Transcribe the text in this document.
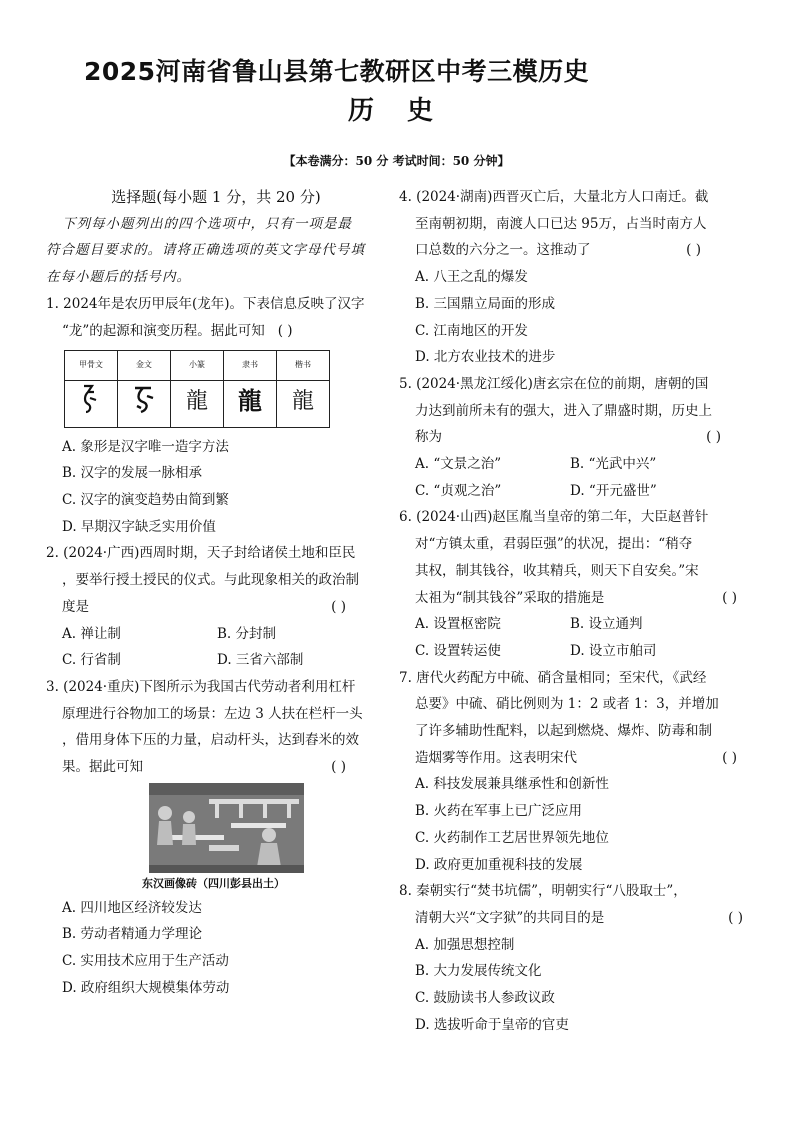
2025河南省鲁山县第七教研区中考三模历史
历 史
【本卷满分：50 分 考试时间：50 分钟】
选择题(每小题 1 分，共 20 分)
下列每小题列出的四个选项中，只有一项是最
符合题目要求的。请将正确选项的英文字母代号填
在每小题后的括号内。
1. 2024年是农历甲辰年(龙年)。下表信息反映了汉字
“龙”的起源和演变历程。据此可知 ( )
甲骨文	金文	小篆	隶书	楷书
		龍	龍	龍
A. 象形是汉字唯一造字方法
B. 汉字的发展一脉相承
C. 汉字的演变趋势由简到繁
D. 早期汉字缺乏实用价值
2. (2024·广西)西周时期，天子封给诸侯土地和臣民
，要举行授土授民的仪式。与此现象相关的政治制
度是	( )
A. 禅让制	B. 分封制
C. 行省制	D. 三省六部制
3. (2024·重庆)下图所示为我国古代劳动者利用杠杆
原理进行谷物加工的场景：左边 3 人扶在栏杆一头
，借用身体下压的力量，启动杆头，达到舂米的效
果。据此可知	( )
东汉画像砖（四川彭县出土）
A. 四川地区经济较发达
B. 劳动者精通力学理论
C. 实用技术应用于生产活动
D. 政府组织大规模集体劳动
4. (2024·湖南)西晋灭亡后，大量北方人口南迁。截
至南朝初期，南渡人口已达 95万，占当时南方人
口总数的六分之一。这推动了	( )
A. 八王之乱的爆发
B. 三国鼎立局面的形成
C. 江南地区的开发
D. 北方农业技术的进步
5. (2024·黑龙江绥化)唐玄宗在位的前期，唐朝的国
力达到前所未有的强大，进入了鼎盛时期，历史上
称为	( )
A. “文景之治”	B. “光武中兴”
C. “贞观之治”	D. “开元盛世”
6. (2024·山西)赵匡胤当皇帝的第二年，大臣赵普针
对“方镇太重，君弱臣强”的状况，提出：“稍夺
其权，制其钱谷，收其精兵，则天下自安矣。”宋
太祖为“制其钱谷”采取的措施是	( )
A. 设置枢密院	B. 设立通判
C. 设置转运使	D. 设立市舶司
7. 唐代火药配方中硫、硝含量相同；至宋代，《武经
总要》中硫、硝比例则为 1：2 或者 1：3，并增加
了许多辅助性配料，以起到燃烧、爆炸、防毒和制
造烟雾等作用。这表明宋代	( )
A. 科技发展兼具继承性和创新性
B. 火药在军事上已广泛应用
C. 火药制作工艺居世界领先地位
D. 政府更加重视科技的发展
8. 秦朝实行“焚书坑儒”，明朝实行“八股取士”，
清朝大兴“文字狱”的共同目的是	( )
A. 加强思想控制
B. 大力发展传统文化
C. 鼓励读书人参政议政
D. 选拔听命于皇帝的官吏
